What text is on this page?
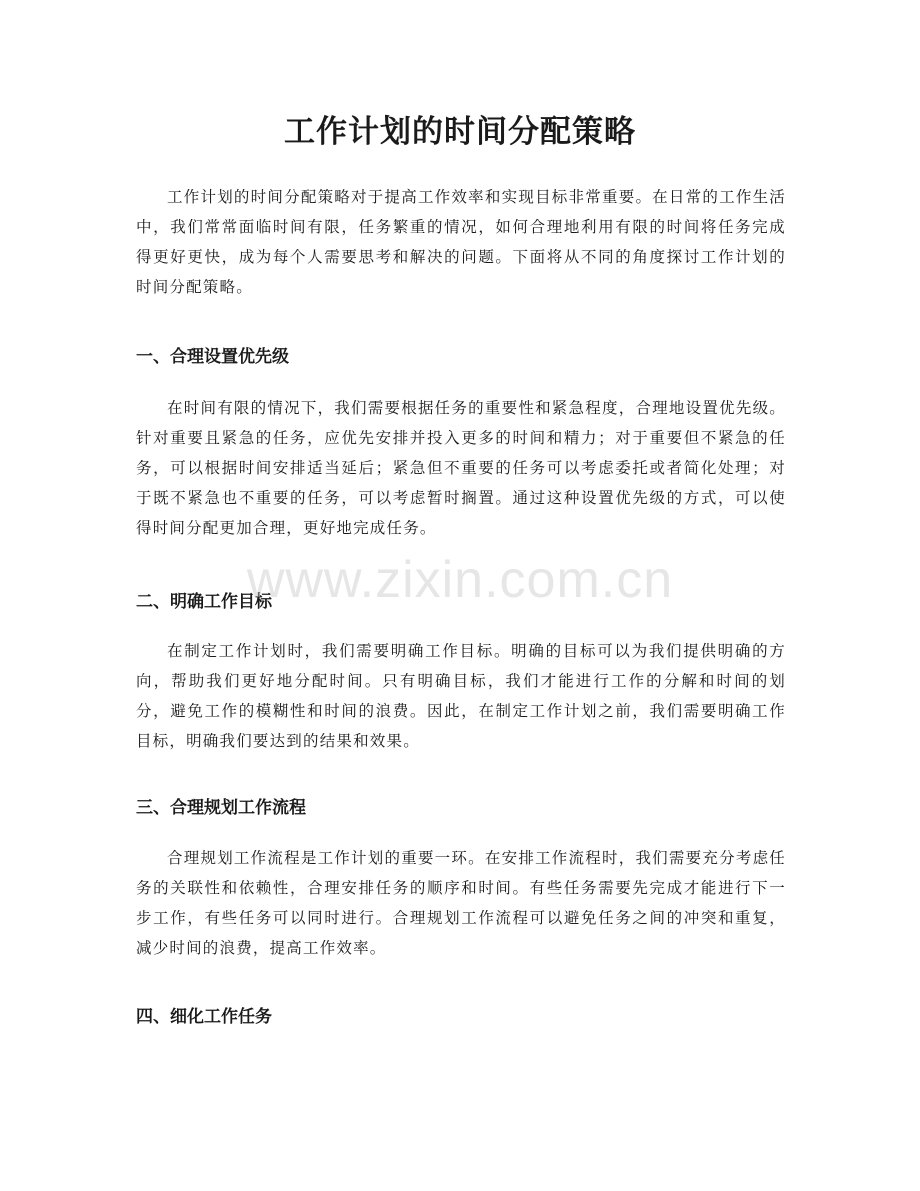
工作计划的时间分配策略

工作计划的时间分配策略对于提高工作效率和实现目标非常重要。在日常的工作生活中，我们常常面临时间有限，任务繁重的情况，如何合理地利用有限的时间将任务完成得更好更快，成为每个人需要思考和解决的问题。下面将从不同的角度探讨工作计划的时间分配策略。

一、合理设置优先级

在时间有限的情况下，我们需要根据任务的重要性和紧急程度，合理地设置优先级。针对重要且紧急的任务，应优先安排并投入更多的时间和精力；对于重要但不紧急的任务，可以根据时间安排适当延后；紧急但不重要的任务可以考虑委托或者简化处理；对于既不紧急也不重要的任务，可以考虑暂时搁置。通过这种设置优先级的方式，可以使得时间分配更加合理，更好地完成任务。

二、明确工作目标

在制定工作计划时，我们需要明确工作目标。明确的目标可以为我们提供明确的方向，帮助我们更好地分配时间。只有明确目标，我们才能进行工作的分解和时间的划分，避免工作的模糊性和时间的浪费。因此，在制定工作计划之前，我们需要明确工作目标，明确我们要达到的结果和效果。

三、合理规划工作流程

合理规划工作流程是工作计划的重要一环。在安排工作流程时，我们需要充分考虑任务的关联性和依赖性，合理安排任务的顺序和时间。有些任务需要先完成才能进行下一步工作，有些任务可以同时进行。合理规划工作流程可以避免任务之间的冲突和重复，减少时间的浪费，提高工作效率。

四、细化工作任务
www.zixin.com.cn
